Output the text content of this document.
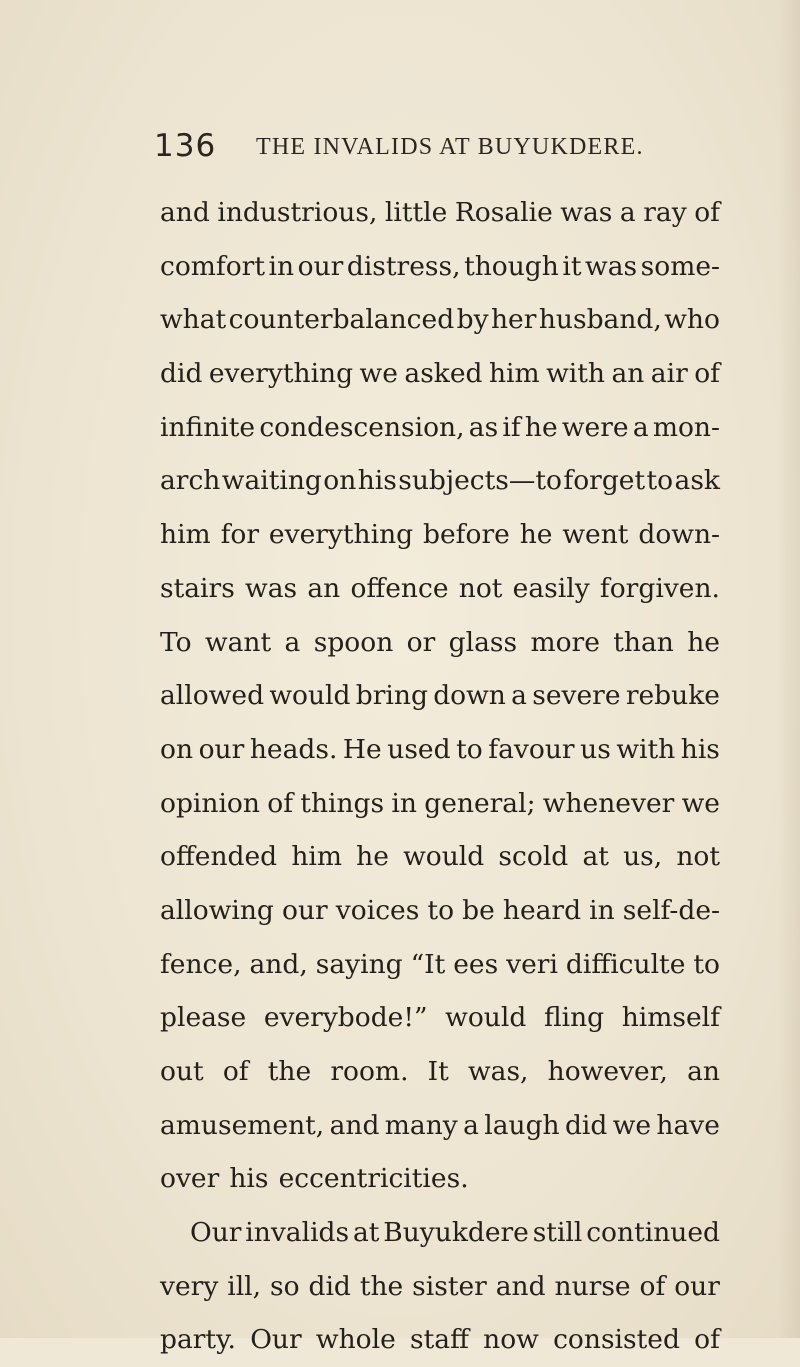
136 THE INVALIDS AT BUYUKDERE.
and industrious, little Rosalie was a ray of
comfort in our distress, though it was some-
what counterbalanced by her husband, who
did everything we asked him with an air of
infinite condescension, as if he were a mon-
arch waiting on his subjects—to forget to ask
him for everything before he went down-
stairs was an offence not easily forgiven.
To want a spoon or glass more than he
allowed would bring down a severe rebuke
on our heads. He used to favour us with his
opinion of things in general; whenever we
offended him he would scold at us, not
allowing our voices to be heard in self-de-
fence, and, saying “It ees veri difficulte to
please everybode!” would fling himself
out of the room. It was, however, an
amusement, and many a laugh did we have
over his eccentricities.
Our invalids at Buyukdere still continued
very ill, so did the sister and nurse of our
party. Our whole staff now consisted of
